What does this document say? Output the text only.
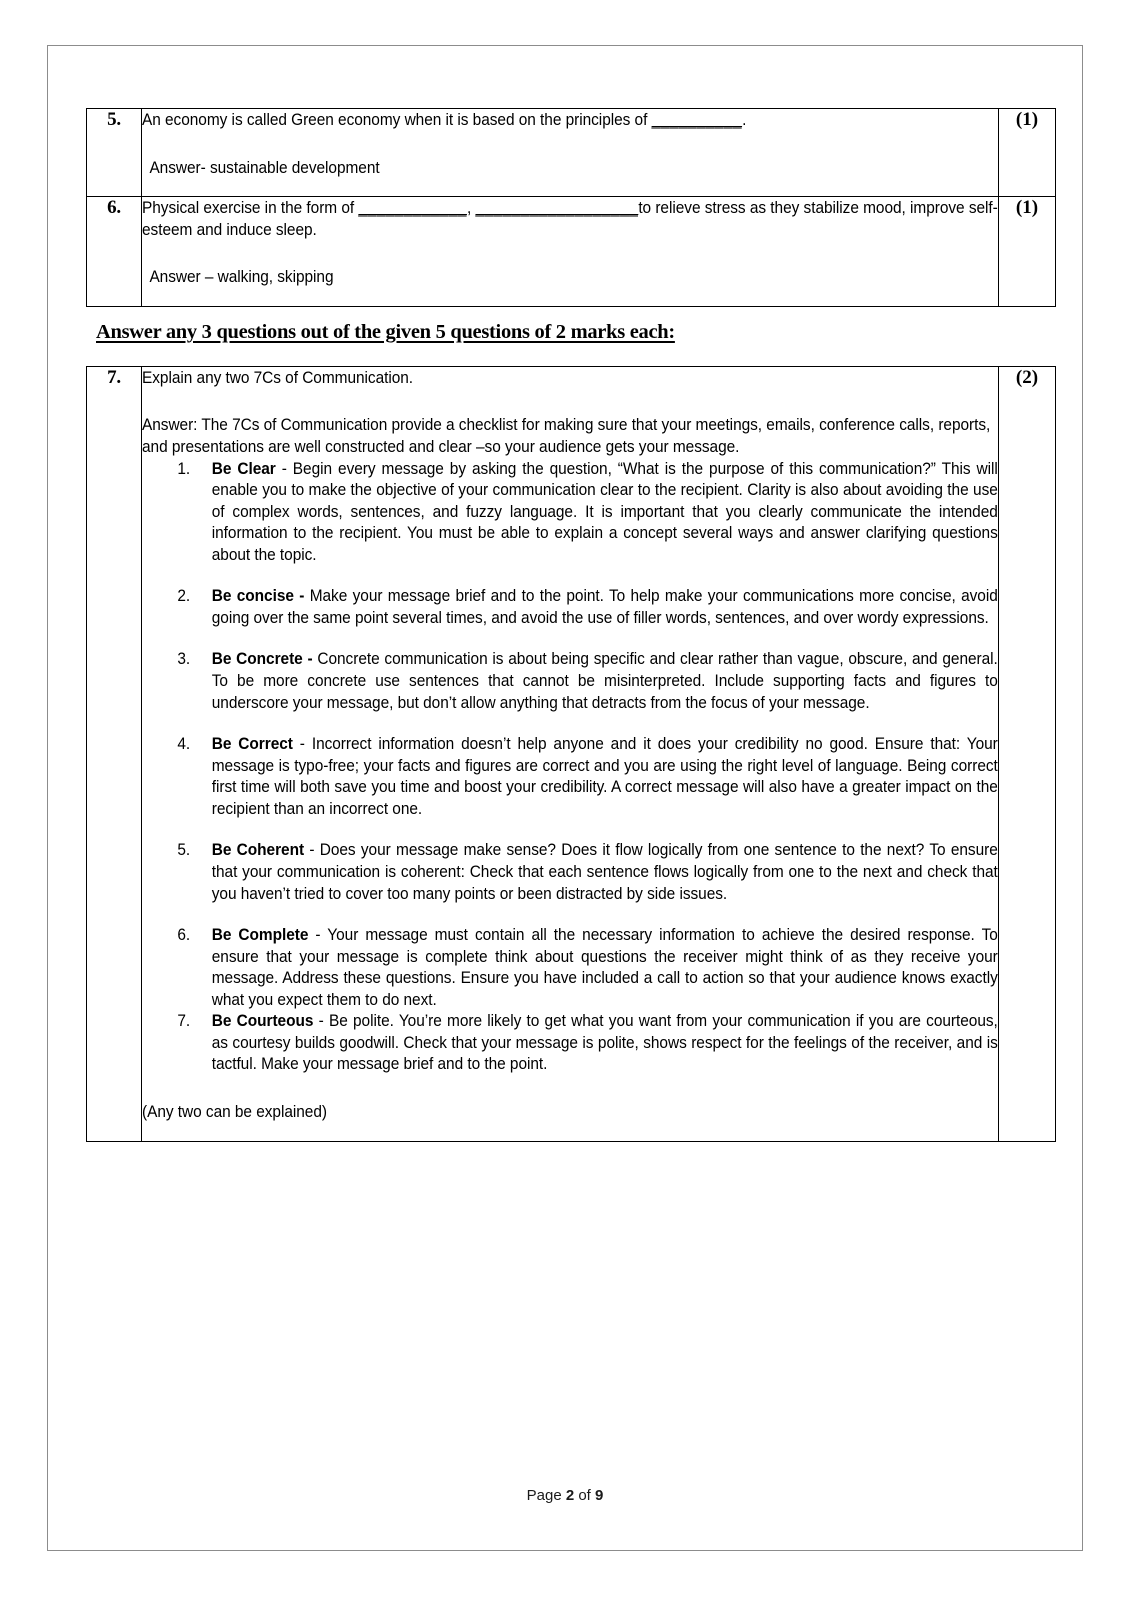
5.	An economy is called Green economy when it is based on the principles of __________.
Answer- sustainable development	(1)
6.	Physical exercise in the form of ____________, __________________to relieve stress as they stabilize mood, improve self-esteem and induce sleep.
Answer – walking, skipping	(1)
Answer any 3 questions out of the given 5 questions of 2 marks each:
7.	Explain any two 7Cs of Communication.
Answer: The 7Cs of Communication provide a checklist for making sure that your meetings, emails, conference calls, reports, and presentations are well constructed and clear –so your audience gets your message.
Be Clear - Begin every message by asking the question, “What is the purpose of this communication?” This will enable you to make the objective of your communication clear to the recipient. Clarity is also about avoiding the use of complex words, sentences, and fuzzy language. It is important that you clearly communicate the intended information to the recipient. You must be able to explain a concept several ways and answer clarifying questions about the topic.
Be concise - Make your message brief and to the point. To help make your communications more concise, avoid going over the same point several times, and avoid the use of filler words, sentences, and over wordy expressions.
Be Concrete - Concrete communication is about being specific and clear rather than vague, obscure, and general. To be more concrete use sentences that cannot be misinterpreted. Include supporting facts and figures to underscore your message, but don’t allow anything that detracts from the focus of your message.
Be Correct - Incorrect information doesn’t help anyone and it does your credibility no good. Ensure that: Your message is typo-free; your facts and figures are correct and you are using the right level of language. Being correct first time will both save you time and boost your credibility. A correct message will also have a greater impact on the recipient than an incorrect one.
Be Coherent - Does your message make sense? Does it flow logically from one sentence to the next? To ensure that your communication is coherent: Check that each sentence flows logically from one to the next and check that you haven’t tried to cover too many points or been distracted by side issues.
Be Complete - Your message must contain all the necessary information to achieve the desired response. To ensure that your message is complete think about questions the receiver might think of as they receive your message. Address these questions. Ensure you have included a call to action so that your audience knows exactly what you expect them to do next.
Be Courteous - Be polite. You’re more likely to get what you want from your communication if you are courteous, as courtesy builds goodwill. Check that your message is polite, shows respect for the feelings of the receiver, and is tactful. Make your message brief and to the point.
(Any two can be explained)
	(2)
Page 2 of 9
